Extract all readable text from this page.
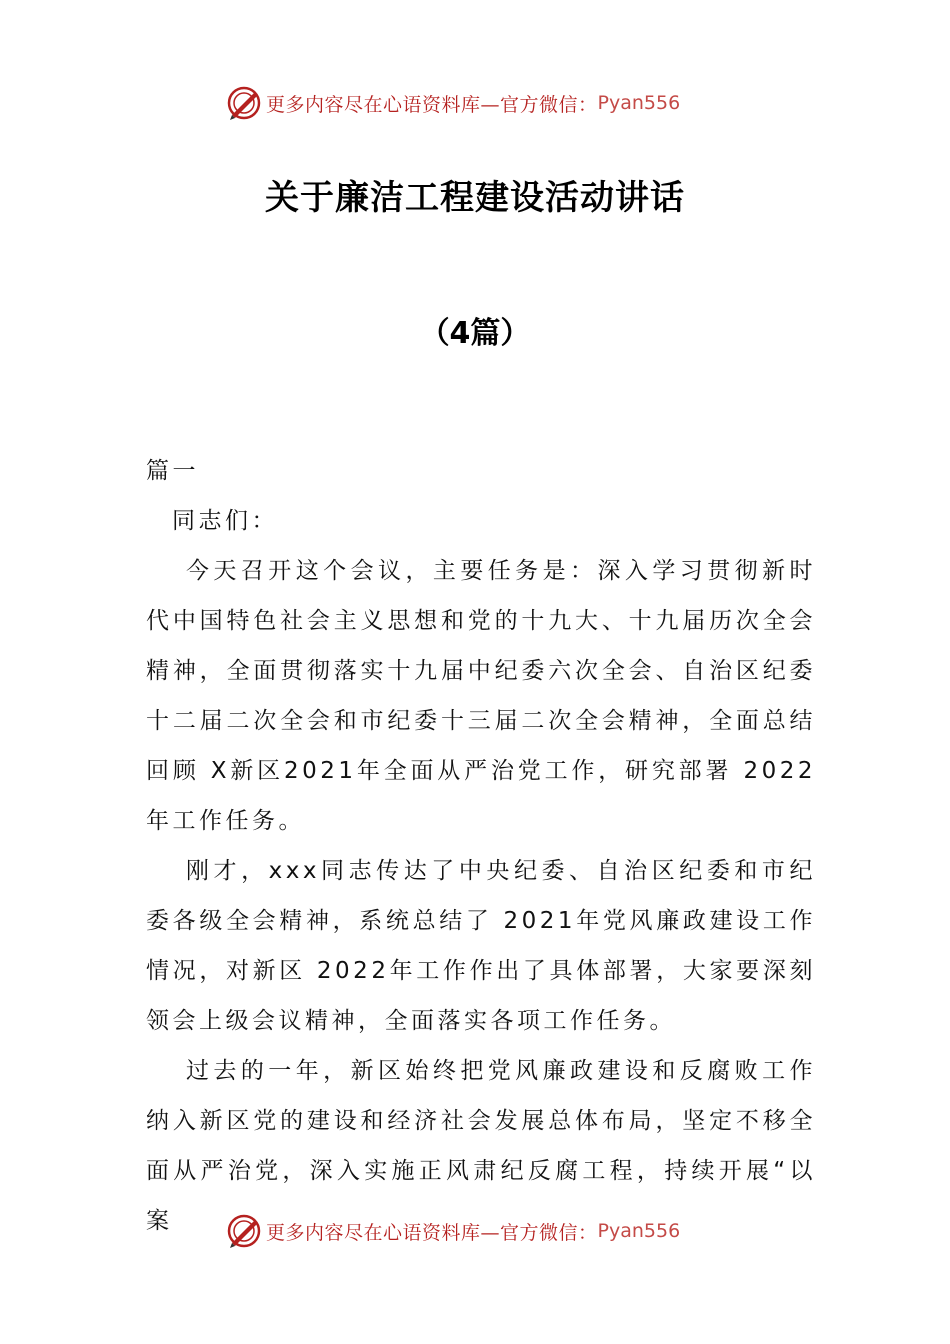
更多内容尽在心语资料库—官方微信： Pyan556
关于廉洁工程建设活动讲话
（4篇）

篇一

同志们：

今天召开这个会议，主要任务是：深入学习贯彻新时代中国特色社会主义思想和党的十九大、十九届历次全会精神，全面贯彻落实十九届中纪委六次全会、自治区纪委十二届二次全会和市纪委十三届二次全会精神，全面总结回顾 X新区2021年全面从严治党工作，研究部署 2022年工作任务。

刚才，xxx同志传达了中央纪委、自治区纪委和市纪委各级全会精神，系统总结了 2021年党风廉政建设工作情况，对新区 2022年工作作出了具体部署，大家要深刻领会上级会议精神，全面落实各项工作任务。

过去的一年，新区始终把党风廉政建设和反腐败工作纳入新区党的建设和经济社会发展总体布局，坚定不移全面从严治党，深入实施正风肃纪反腐工程，持续开展“以案	更多内容尽在心语资料库—官方微信： Pyan556
